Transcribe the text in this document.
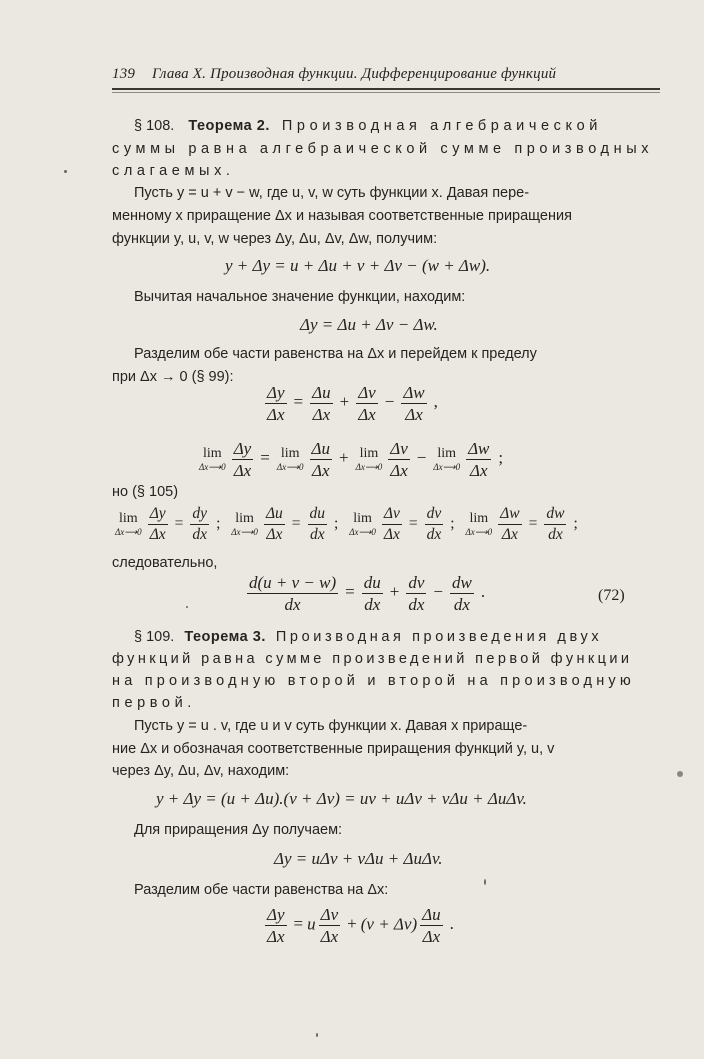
139 Глава X. Производная функции. Дифференцирование функций
§ 108. Теорема 2. Производная алгебраической
суммы равна алгебраической сумме производных
слагаемых.
Пусть y = u + v − w, где u, v, w суть функции x. Давая пере-
менному x приращение Δx и называя соответственные приращения
функции y, u, v, w через Δy, Δu, Δv, Δw, получим:
y + Δy = u + Δu + v + Δv − (w + Δw).
Вычитая начальное значение функции, находим:
Δy = Δu + Δv − Δw.
Разделим обе части равенства на Δx и перейдем к пределу
при Δx → 0 (§ 99):
$\frac{\Delta y}{\Delta x} = \frac{\Delta u}{\Delta x} + \frac{\Delta v}{\Delta x} - \frac{\Delta w}{\Delta x}$ ,
lim
Δx⟶0 $\frac{\Delta y}{\Delta x} = \lim$
Δx⟶0 $\frac{\Delta u}{\Delta x} + \lim$
Δx⟶0 $\frac{\Delta v}{\Delta x} - \lim$
Δx⟶0 $\frac{\Delta w}{\Delta x}$ ;
но (§ 105)
lim
Δx⟶0 $\frac{\Delta y}{\Delta x} = \frac{dy}{dx}$ ; lim
Δx⟶0 $\frac{\Delta u}{\Delta x} = \frac{du}{dx}$ ; lim
Δx⟶0 $\frac{\Delta v}{\Delta x} = \frac{dv}{dx}$ ; lim
Δx⟶0 $\frac{\Delta w}{\Delta x} = \frac{dw}{dx}$ ;
следовательно,
$\frac{d(u + v - w)}{dx} = \frac{du}{dx} + \frac{dv}{dx} - \frac{dw}{dx}$ .	(72)
§ 109. Теорема 3. Производная произведения двух
функций равна сумме произведений первой функции
на производную второй и второй на производную
первой.
Пусть y = u . v, где u и v суть функции x. Давая x прираще-
ние Δx и обозначая соответственные приращения функций y, u, v
через Δy, Δu, Δv, находим:
y + Δy = (u + Δu).(v + Δv) = uv + uΔv + vΔu + ΔuΔv.
Для приращения Δy получаем:
Δy = uΔv + vΔu + ΔuΔv.
Разделим обе части равенства на Δx:
$\frac{\Delta y}{\Delta x} = u \frac{\Delta v}{\Delta x} + (v + \Delta v) \frac{\Delta u}{\Delta x}$ .
